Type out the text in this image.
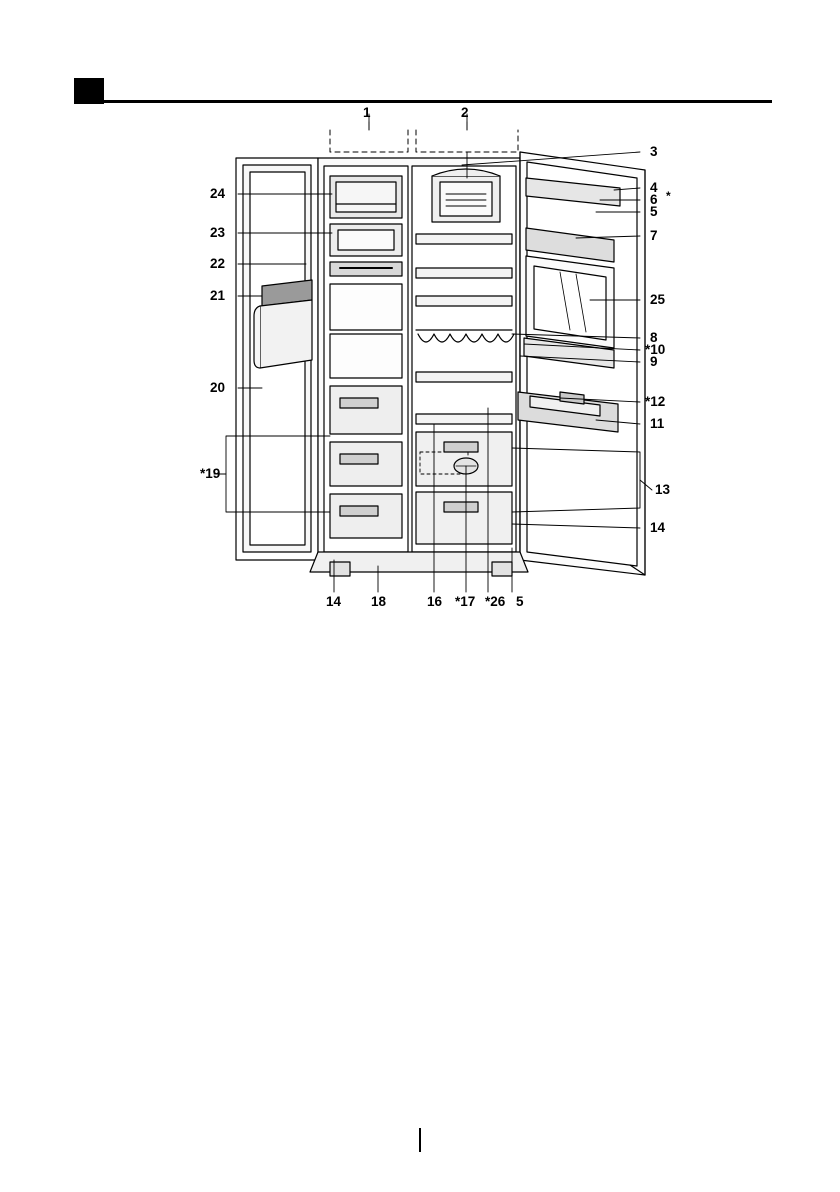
1	2
24
23
22
21
20
*19
3
4
6 *
5
7
25
8
*10
9
*12
11
13
14
14 18	16 *17 *26 5
